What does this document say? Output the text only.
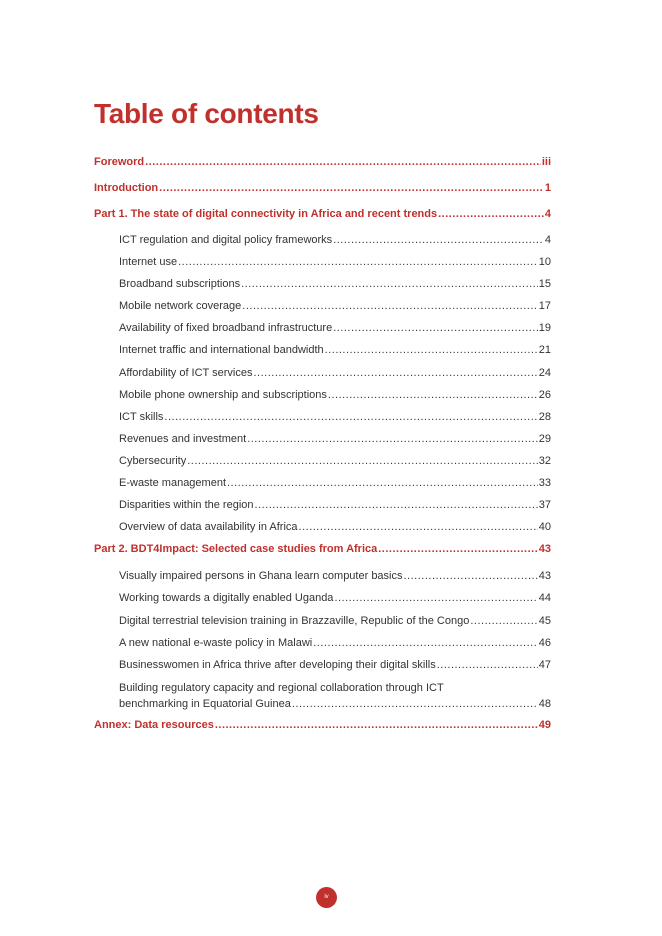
Table of contents
Foreword .....	iii
Introduction .....	1
Part 1. The state of digital connectivity in Africa and recent trends .....	4
ICT regulation and digital policy frameworks .....	4
Internet use .....	10
Broadband subscriptions .....	15
Mobile network coverage .....	17
Availability of fixed broadband infrastructure .....	19
Internet traffic and international bandwidth .....	21
Affordability of ICT services .....	24
Mobile phone ownership and subscriptions .....	26
ICT skills .....	28
Revenues and investment .....	29
Cybersecurity .....	32
E-waste management .....	33
Disparities within the region .....	37
Overview of data availability in Africa .....	40
Part 2. BDT4Impact: Selected case studies from Africa .....	43
Visually impaired persons in Ghana learn computer basics .....	43
Working towards a digitally enabled Uganda .....	44
Digital terrestrial television training in Brazzaville, Republic of the Congo .....	45
A new national e-waste policy in Malawi .....	46
Businesswomen in Africa thrive after developing their digital skills .....	47
Building regulatory capacity and regional collaboration through ICT
benchmarking in Equatorial Guinea .....	48
Annex: Data resources .....	49
iv
